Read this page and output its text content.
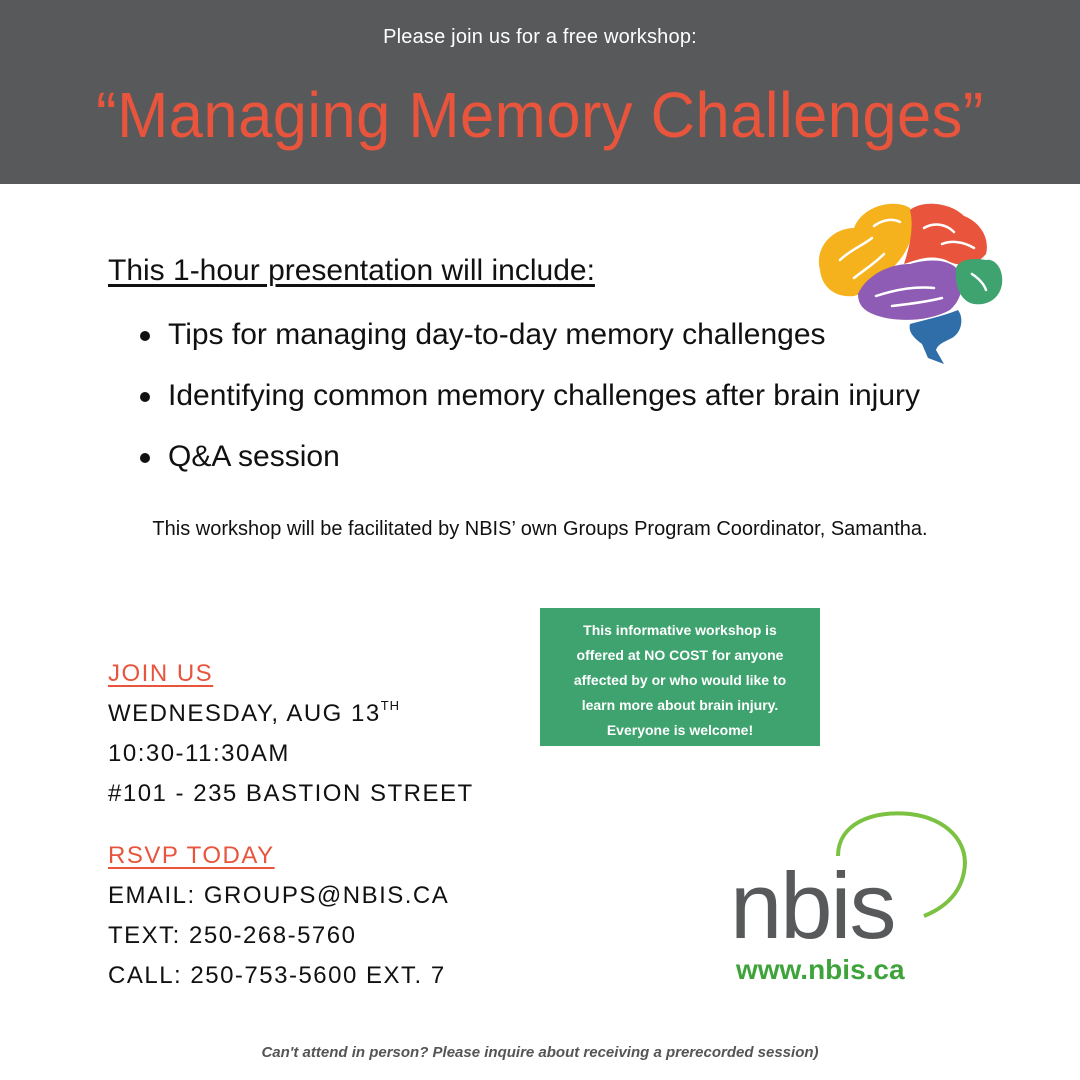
Please join us for a free workshop:
“Managing Memory Challenges”
This 1-hour presentation will include:
Tips for managing day-to-day memory challenges
Identifying common memory challenges after brain injury
Q&A session
This workshop will be facilitated by NBIS’ own Groups Program Coordinator, Samantha.
This informative workshop is
offered at NO COST for anyone
affected by or who would like to
learn more about brain injury.
Everyone is welcome!
JOIN US
WEDNESDAY, AUG 13TH
10:30-11:30AM
#101 - 235 BASTION STREET
RSVP TODAY
EMAIL: GROUPS@NBIS.CA
TEXT: 250-268-5760
CALL: 250-753-5600 EXT. 7
nbis
www.nbis.ca
Can't attend in person? Please inquire about receiving a prerecorded session)
